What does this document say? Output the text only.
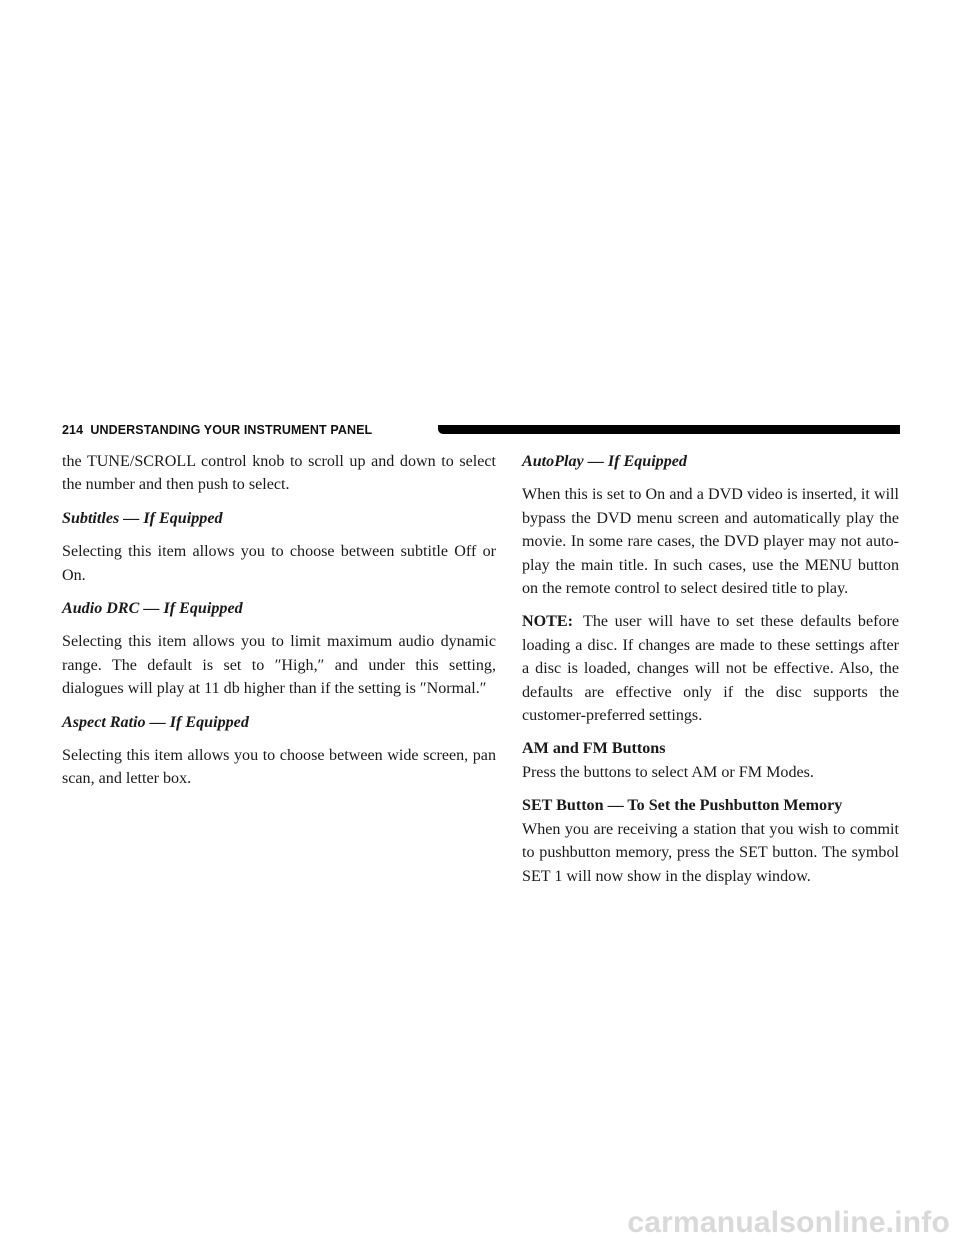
214 UNDERSTANDING YOUR INSTRUMENT PANEL

the TUNE/SCROLL control knob to scroll up and down to select the number and then push to select.

Subtitles — If Equipped

Selecting this item allows you to choose between subtitle Off or On.

Audio DRC — If Equipped

Selecting this item allows you to limit maximum audio dynamic range. The default is set to ″High,″ and under this setting, dialogues will play at 11 db higher than if the setting is ″Normal.″

Aspect Ratio — If Equipped

Selecting this item allows you to choose between wide screen, pan scan, and letter box.

AutoPlay — If Equipped

When this is set to On and a DVD video is inserted, it will bypass the DVD menu screen and automatically play the movie. In some rare cases, the DVD player may not auto-play the main title. In such cases, use the MENU button on the remote control to select desired title to play.

NOTE: The user will have to set these defaults before loading a disc. If changes are made to these settings after a disc is loaded, changes will not be effective. Also, the defaults are effective only if the disc supports the customer-preferred settings.

AM and FM Buttons

Press the buttons to select AM or FM Modes.

SET Button — To Set the Pushbutton Memory

When you are receiving a station that you wish to commit to pushbutton memory, press the SET button. The symbol SET 1 will now show in the display window.

carmanualsonline.info
